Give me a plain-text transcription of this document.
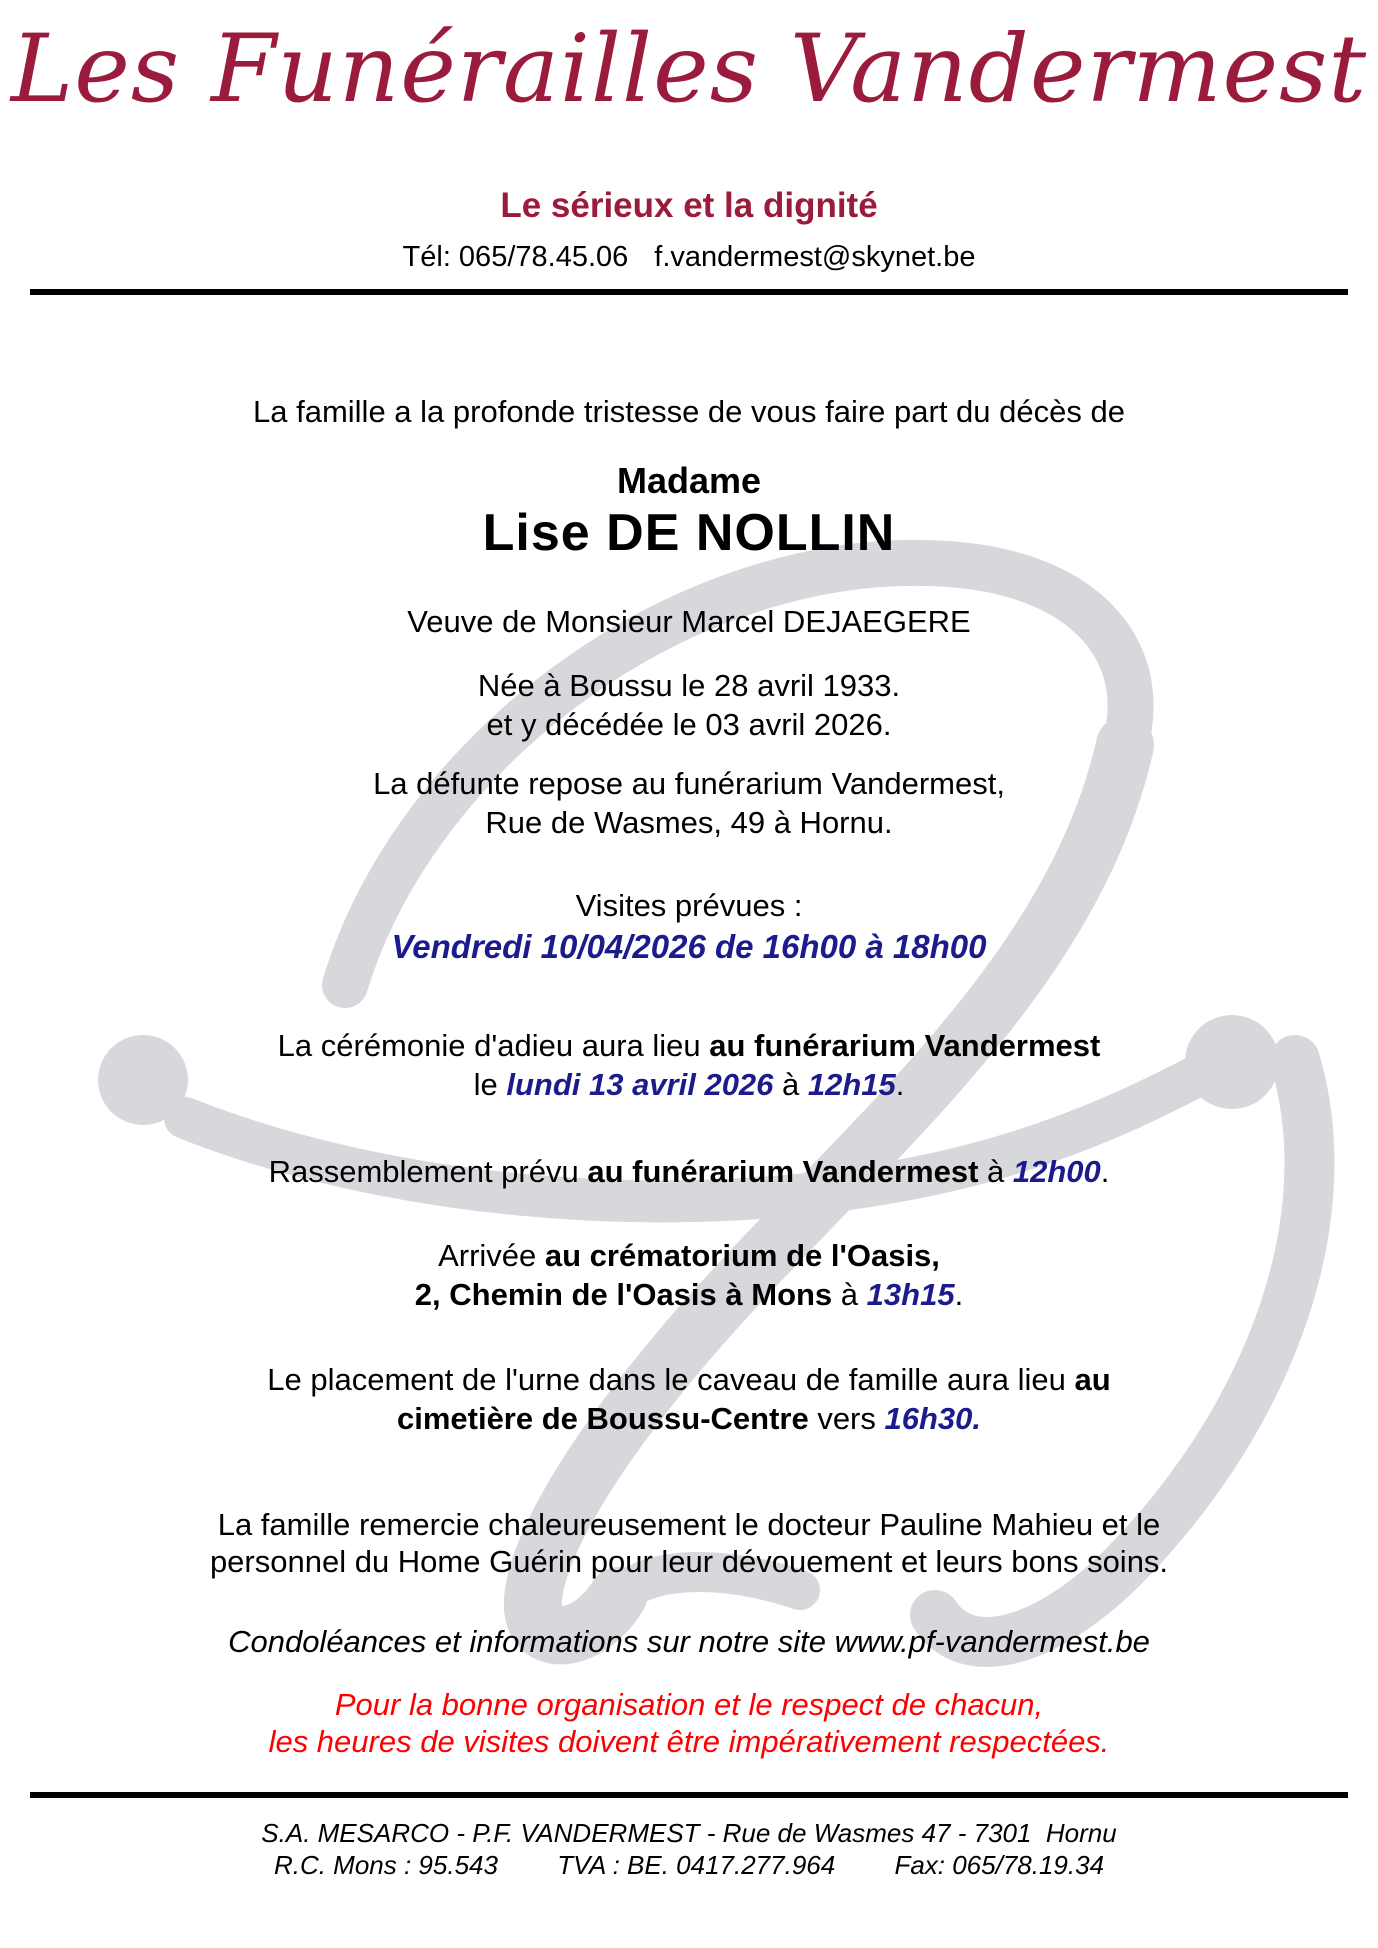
Les Funérailles Vandermest
Le sérieux et la dignité
Tél: 065/78.45.06 f.vandermest@skynet.be
La famille a la profonde tristesse de vous faire part du décès de
Madame
Lise DE NOLLIN
Veuve de Monsieur Marcel DEJAEGERE
Née à Boussu le 28 avril 1933.
et y décédée le 03 avril 2026.
La défunte repose au funérarium Vandermest,
Rue de Wasmes, 49 à Hornu.
Visites prévues :
Vendredi 10/04/2026 de 16h00 à 18h00
La cérémonie d'adieu aura lieu au funérarium Vandermest
le lundi 13 avril 2026 à 12h15.
Rassemblement prévu au funérarium Vandermest à 12h00.
Arrivée au crématorium de l'Oasis,
2, Chemin de l'Oasis à Mons à 13h15.
Le placement de l'urne dans le caveau de famille aura lieu au
cimetière de Boussu-Centre vers 16h30.
La famille remercie chaleureusement le docteur Pauline Mahieu et le
personnel du Home Guérin pour leur dévouement et leurs bons soins.
Condoléances et informations sur notre site www.pf-vandermest.be
Pour la bonne organisation et le respect de chacun,
les heures de visites doivent être impérativement respectées.
S.A. MESARCO - P.F. VANDERMEST - Rue de Wasmes 47 - 7301  Hornu
R.C. Mons : 95.543 TVA : BE. 0417.277.964 Fax: 065/78.19.34
